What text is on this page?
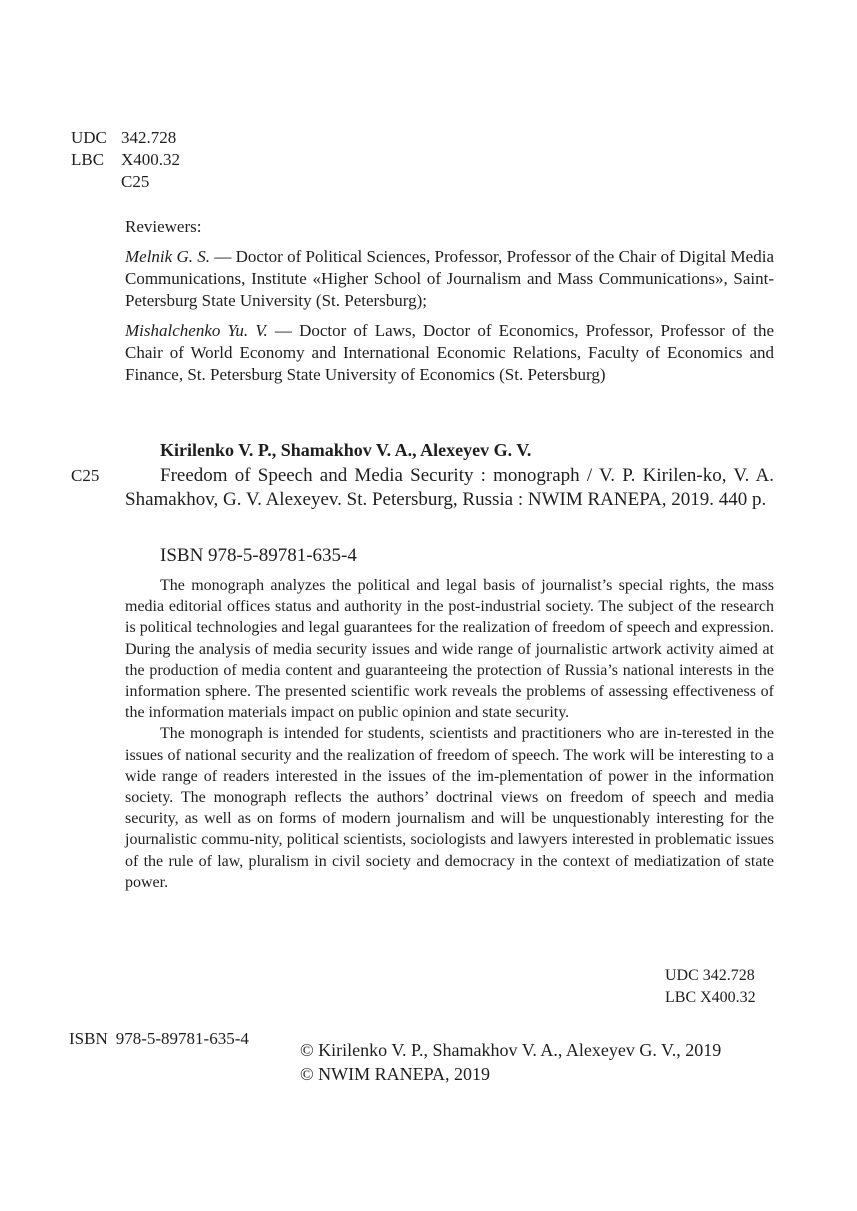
UDC 342.728
LBC X400.32
C25
Reviewers:
Melnik G. S. — Doctor of Political Sciences, Professor, Professor of the Chair of Digital Media Communications, Institute «Higher School of Journalism and Mass Communications», Saint-Petersburg State University (St. Petersburg);
Mishalchenko Yu. V. — Doctor of Laws, Doctor of Economics, Professor, Professor of the Chair of World Economy and International Economic Relations, Faculty of Economics and Finance, St. Petersburg State University of Economics (St. Petersburg)
Kirilenko V. P., Shamakhov V. A., Alexeyev G. V.
C25	Freedom of Speech and Media Security : monograph / V. P. Kirilen-ko, V. A. Shamakhov, G. V. Alexeyev. St. Petersburg, Russia : NWIM RANEPA, 2019. 440 p.
ISBN 978-5-89781-635-4

The monograph analyzes the political and legal basis of journalist’s special rights, the mass media editorial offices status and authority in the post-industrial society. The subject of the research is political technologies and legal guarantees for the realization of freedom of speech and expression. During the analysis of media security issues and wide range of journalistic artwork activity aimed at the production of media content and guaranteeing the protection of Russia’s national interests in the information sphere. The presented scientific work reveals the problems of assessing effectiveness of the information materials impact on public opinion and state security.

The monograph is intended for students, scientists and practitioners who are in-terested in the issues of national security and the realization of freedom of speech. The work will be interesting to a wide range of readers interested in the issues of the im-plementation of power in the information society. The monograph reflects the authors’ doctrinal views on freedom of speech and media security, as well as on forms of modern journalism and will be unquestionably interesting for the journalistic commu-nity, political scientists, sociologists and lawyers interested in problematic issues of the rule of law, pluralism in civil society and democracy in the context of mediatization of state power.

UDC 342.728
LBC X400.32
ISBN 978-5-89781-635-4
© Kirilenko V. P., Shamakhov V. A., Alexeyev G. V., 2019
© NWIM RANEPA, 2019
